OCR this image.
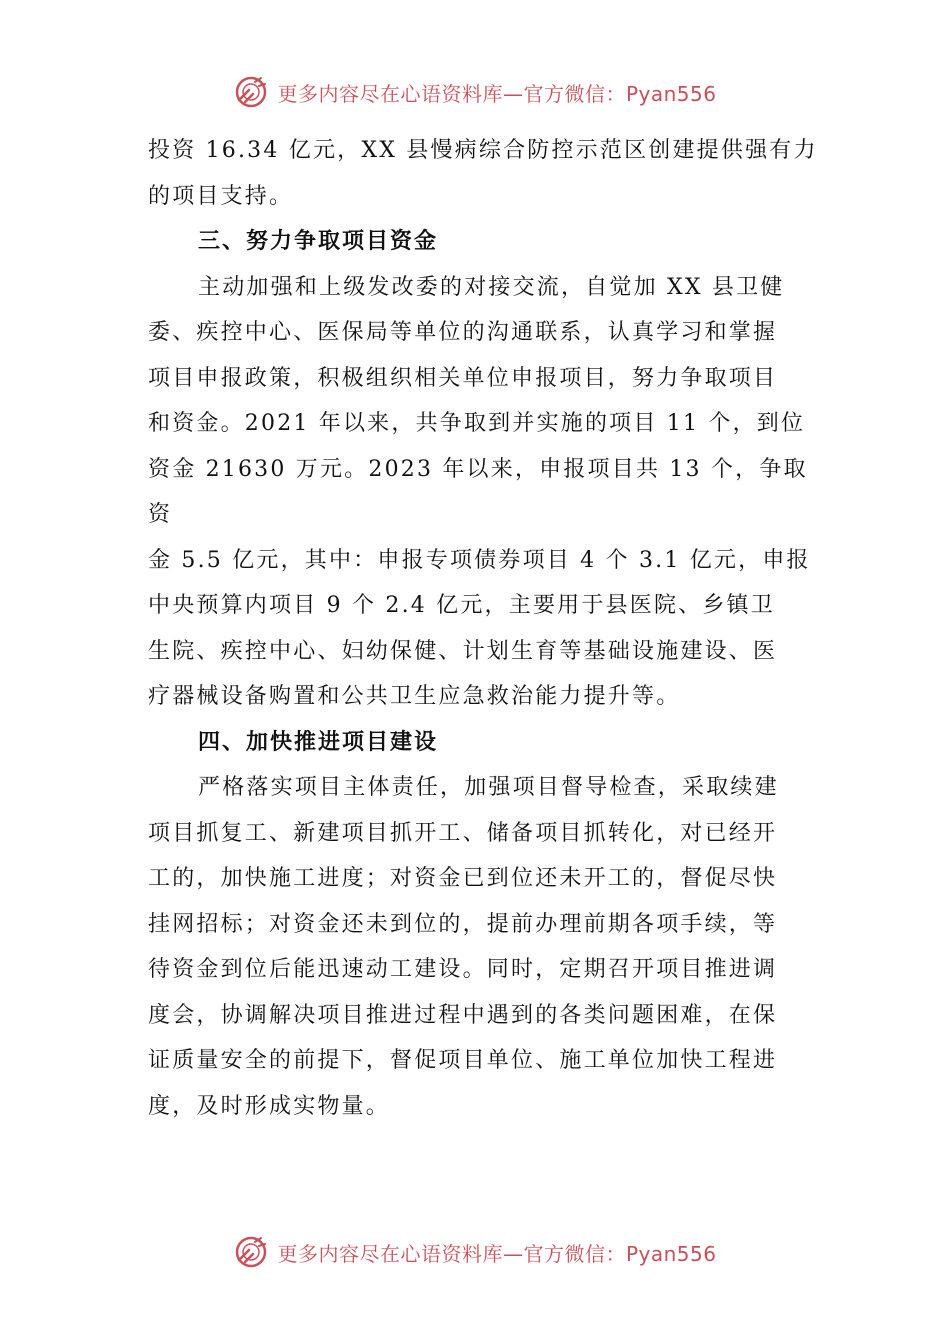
更多内容尽在心语资料库—官方微信：Pyan556
投资 16.34 亿元，XX 县慢病综合防控示范区创建提供强有力
的项目支持。
三、努力争取项目资金
主动加强和上级发改委的对接交流，自觉加 XX 县卫健
委、疾控中心、医保局等单位的沟通联系，认真学习和掌握
项目申报政策，积极组织相关单位申报项目，努力争取项目
和资金。2021 年以来，共争取到并实施的项目 11 个，到位
资金 21630 万元。2023 年以来，申报项目共 13 个，争取
资
金 5.5 亿元，其中：申报专项债券项目 4 个 3.1 亿元，申报
中央预算内项目 9 个 2.4 亿元，主要用于县医院、乡镇卫
生院、疾控中心、妇幼保健、计划生育等基础设施建设、医
疗器械设备购置和公共卫生应急救治能力提升等。
四、加快推进项目建设
严格落实项目主体责任，加强项目督导检查，采取续建
项目抓复工、新建项目抓开工、储备项目抓转化，对已经开
工的，加快施工进度；对资金已到位还未开工的，督促尽快
挂网招标；对资金还未到位的，提前办理前期各项手续，等
待资金到位后能迅速动工建设。同时，定期召开项目推进调
度会，协调解决项目推进过程中遇到的各类问题困难，在保
证质量安全的前提下，督促项目单位、施工单位加快工程进
度，及时形成实物量。
更多内容尽在心语资料库—官方微信：Pyan556
